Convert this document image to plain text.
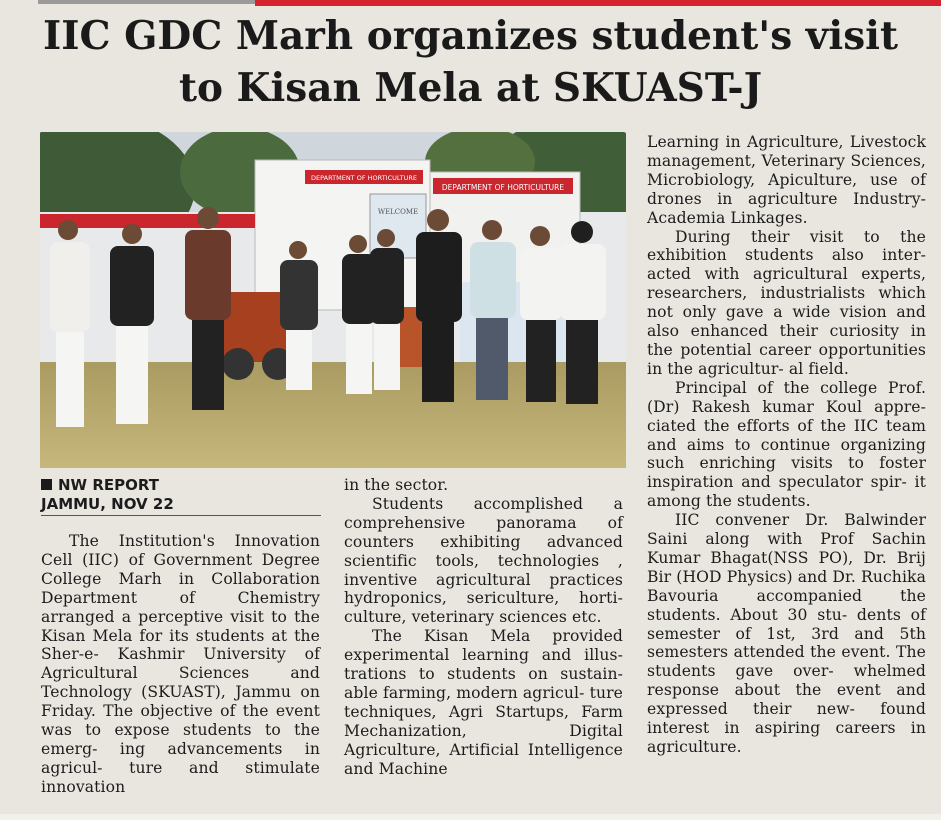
IIC GDC Marh organizes student's visit to Kisan Mela at SKUAST-J
DEPARTMENT OF HORTICULTURE
DEPARTMENT OF HORTICULTURE
WELCOME
NW REPORT
JAMMU, NOV 22

The Institution's Innovation Cell (IIC) of Government Degree College Marh in Collaboration Department of Chemistry arranged a perceptive visit to the Kisan Mela for its students at the Sher-e- Kashmir University of Agricultural Sciences and Technology (SKUAST), Jammu on Friday. The objective of the event was to expose students to the emerg- ing advancements in agricul- ture and stimulate innovation

in the sector.

Students accomplished a comprehensive panorama of counters exhibiting advanced scientific tools, technologies , inventive agricultural practices hydroponics, sericulture, horti- culture, veterinary sciences etc.

The Kisan Mela provided experimental learning and illus- trations to students on sustain- able farming, modern agricul- ture techniques, Agri Startups, Farm Mechanization, Digital Agriculture, Artificial Intelligence and Machine

Learning in Agriculture, Livestock management, Veterinary Sciences, Microbiology, Apiculture, use of drones in agriculture Industry- Academia Linkages.

During their visit to the exhibition students also inter- acted with agricultural experts, researchers, industrialists which not only gave a wide vision and also enhanced their curiosity in the potential career opportunities in the agricultur- al field.

Principal of the college Prof. (Dr) Rakesh kumar Koul appre- ciated the efforts of the IIC team and aims to continue organizing such enriching visits to foster inspiration and speculator spir- it among the students.

IIC convener Dr. Balwinder Saini along with Prof Sachin Kumar Bhagat(NSS PO), Dr. Brij Bir (HOD Physics) and Dr. Ruchika Bavouria accompanied the students. About 30 stu- dents of semester of 1st, 3rd and 5th semesters attended the event. The students gave over- whelmed response about the event and expressed their new- found interest in aspiring careers in agriculture.
